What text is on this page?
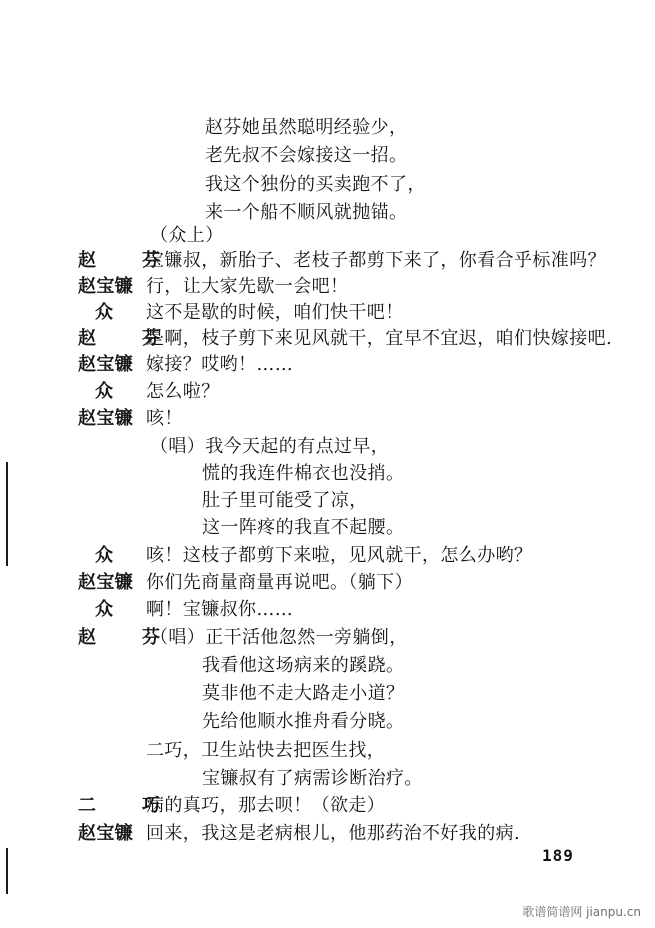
赵芬她虽然聪明经验少，
老先叔不会嫁接这一招。
我这个独份的买卖跑不了，
来一个船不顺风就抛锚。
（众上）
赵　芬
宝镰叔，新胎子、老枝子都剪下来了，你看合乎标准吗？
赵宝镰 行，让大家先歇一会吧！
众 这不是歇的时候，咱们快干吧！
赵　芬
是啊，枝子剪下来见风就干，宜早不宜迟，咱们快嫁接吧.
赵宝镰 嫁接？哎哟！……
众 怎么啦？
赵宝镰 咳！
（唱）我今天起的有点过早，
慌的我连件棉衣也没捎。
肚子里可能受了凉，
这一阵疼的我直不起腰。
众 咳！这枝子都剪下来啦，见风就干，怎么办哟？
赵宝镰 你们先商量商量再说吧。（躺下）
众 啊！宝镰叔你……
赵　芬
（唱）正干活他忽然一旁躺倒，
我看他这场病来的蹊跷。
莫非他不走大路走小道？
先给他顺水推舟看分晓。
二巧，卫生站快去把医生找，
宝镰叔有了病需诊断治疗。
二　巧
病的真巧，那去呗！（欲走）
赵宝镰 回来，我这是老病根儿，他那药治不好我的病.
189
歌谱简谱网 jianpu.cn
